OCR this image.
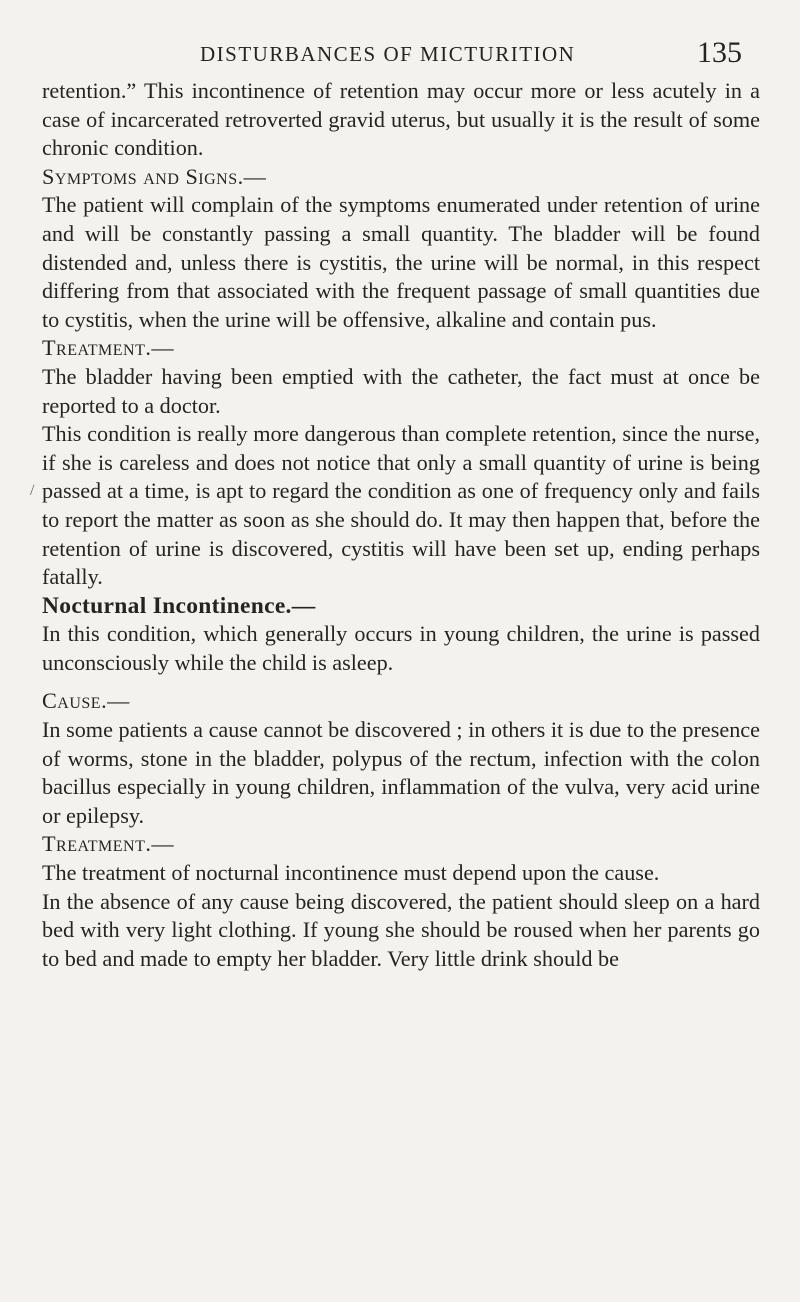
DISTURBANCES OF MICTURITION	135
/

retention.” This incontinence of retention may occur more or less acutely in a case of incarcerated retroverted gravid uterus, but usually it is the result of some chronic condition.

Symptoms and Signs.—

The patient will complain of the symptoms enumerated under retention of urine and will be constantly passing a small quantity. The bladder will be found distended and, unless there is cystitis, the urine will be normal, in this respect differing from that associated with the frequent passage of small quantities due to cystitis, when the urine will be offensive, alkaline and contain pus.

Treatment.—

The bladder having been emptied with the catheter, the fact must at once be reported to a doctor.

This condition is really more dangerous than complete retention, since the nurse, if she is careless and does not notice that only a small quantity of urine is being passed at a time, is apt to regard the condition as one of frequency only and fails to report the matter as soon as she should do. It may then happen that, before the retention of urine is discovered, cystitis will have been set up, ending perhaps fatally.

Nocturnal Incontinence.—

In this condition, which generally occurs in young children, the urine is passed unconsciously while the child is asleep.

Cause.—

In some patients a cause cannot be discovered ; in others it is due to the presence of worms, stone in the bladder, polypus of the rectum, infection with the colon bacillus especially in young children, inflammation of the vulva, very acid urine or epilepsy.

Treatment.—

The treatment of nocturnal incontinence must depend upon the cause.

In the absence of any cause being discovered, the patient should sleep on a hard bed with very light clothing. If young she should be roused when her parents go to bed and made to empty her bladder. Very little drink should be
